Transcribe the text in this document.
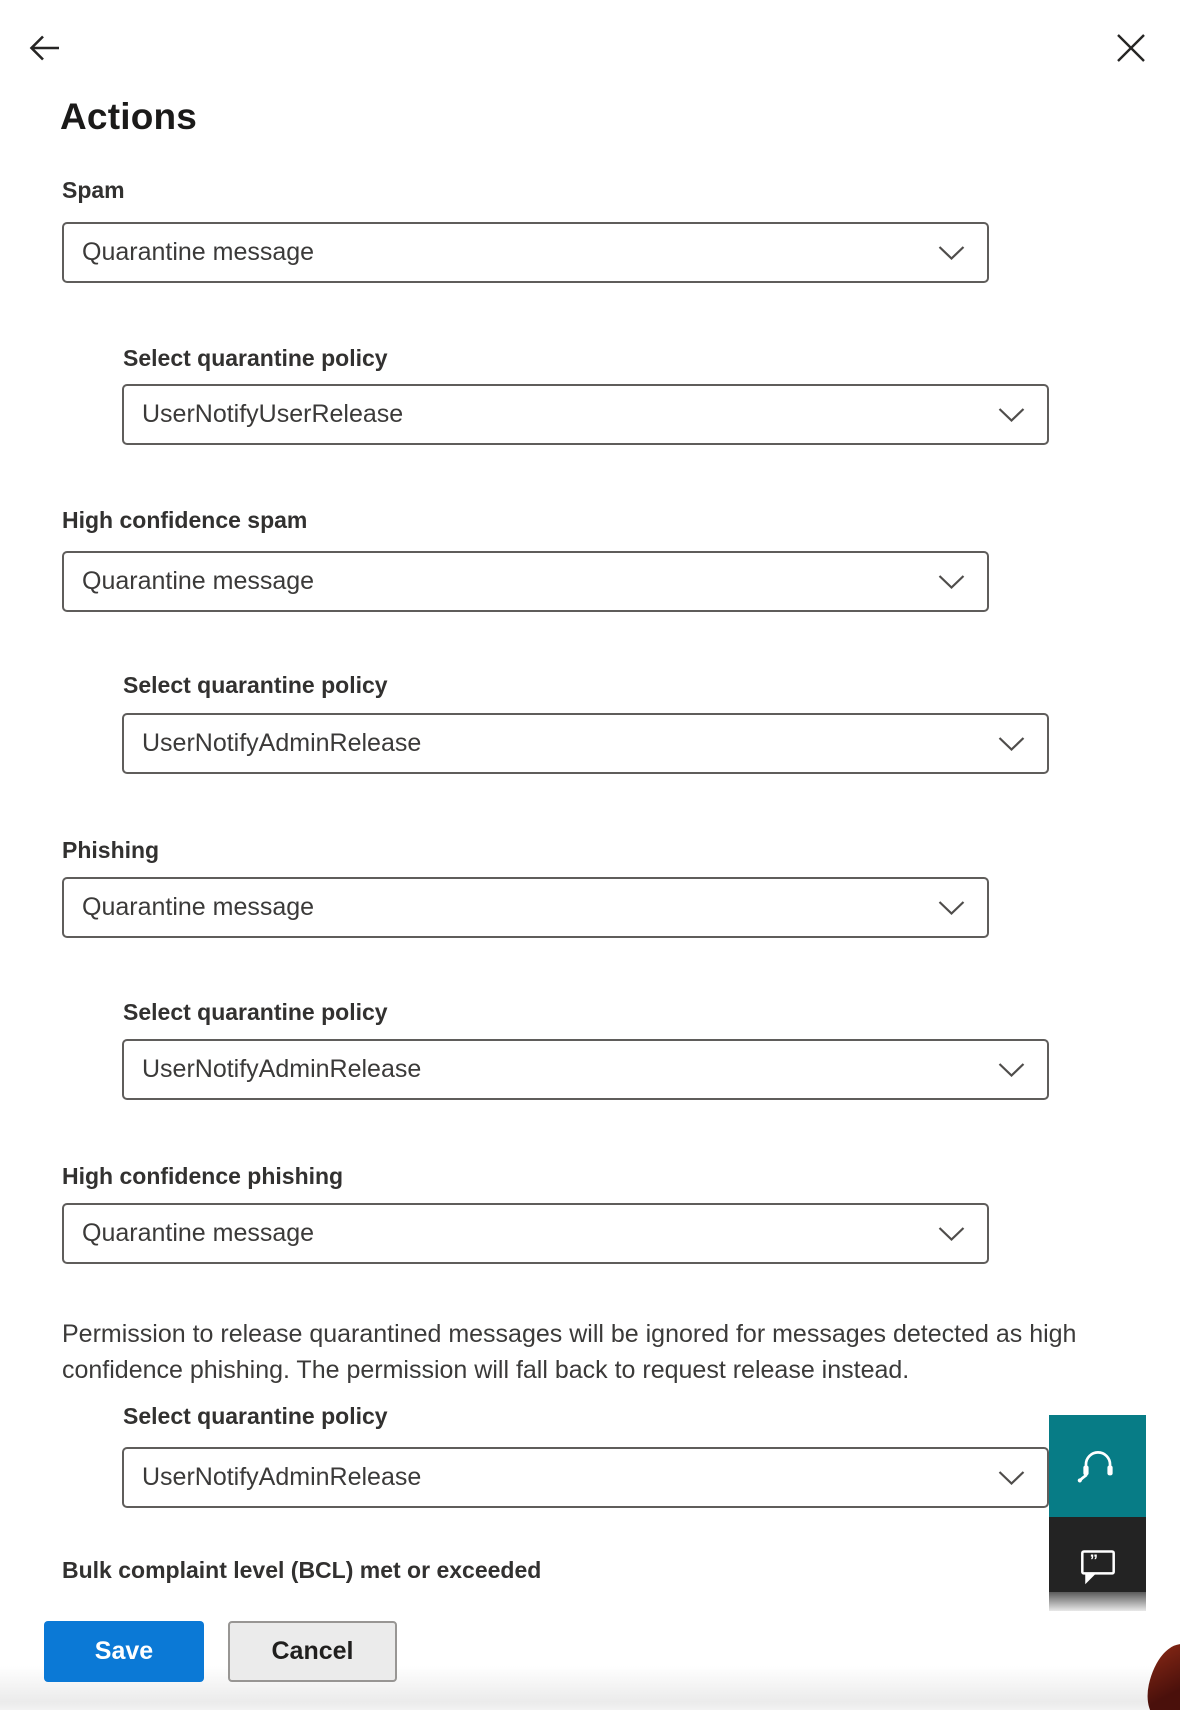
Actions
Spam
Quarantine message
Select quarantine policy
UserNotifyUserRelease
High confidence spam
Quarantine message
Select quarantine policy
UserNotifyAdminRelease
Phishing
Quarantine message
Select quarantine policy
UserNotifyAdminRelease
High confidence phishing
Quarantine message

Permission to release quarantined messages will be ignored for messages detected as high confidence phishing. The permission will fall back to request release instead.

Select quarantine policy
UserNotifyAdminRelease
Bulk complaint level (BCL) met or exceeded	”
Save	Cancel
